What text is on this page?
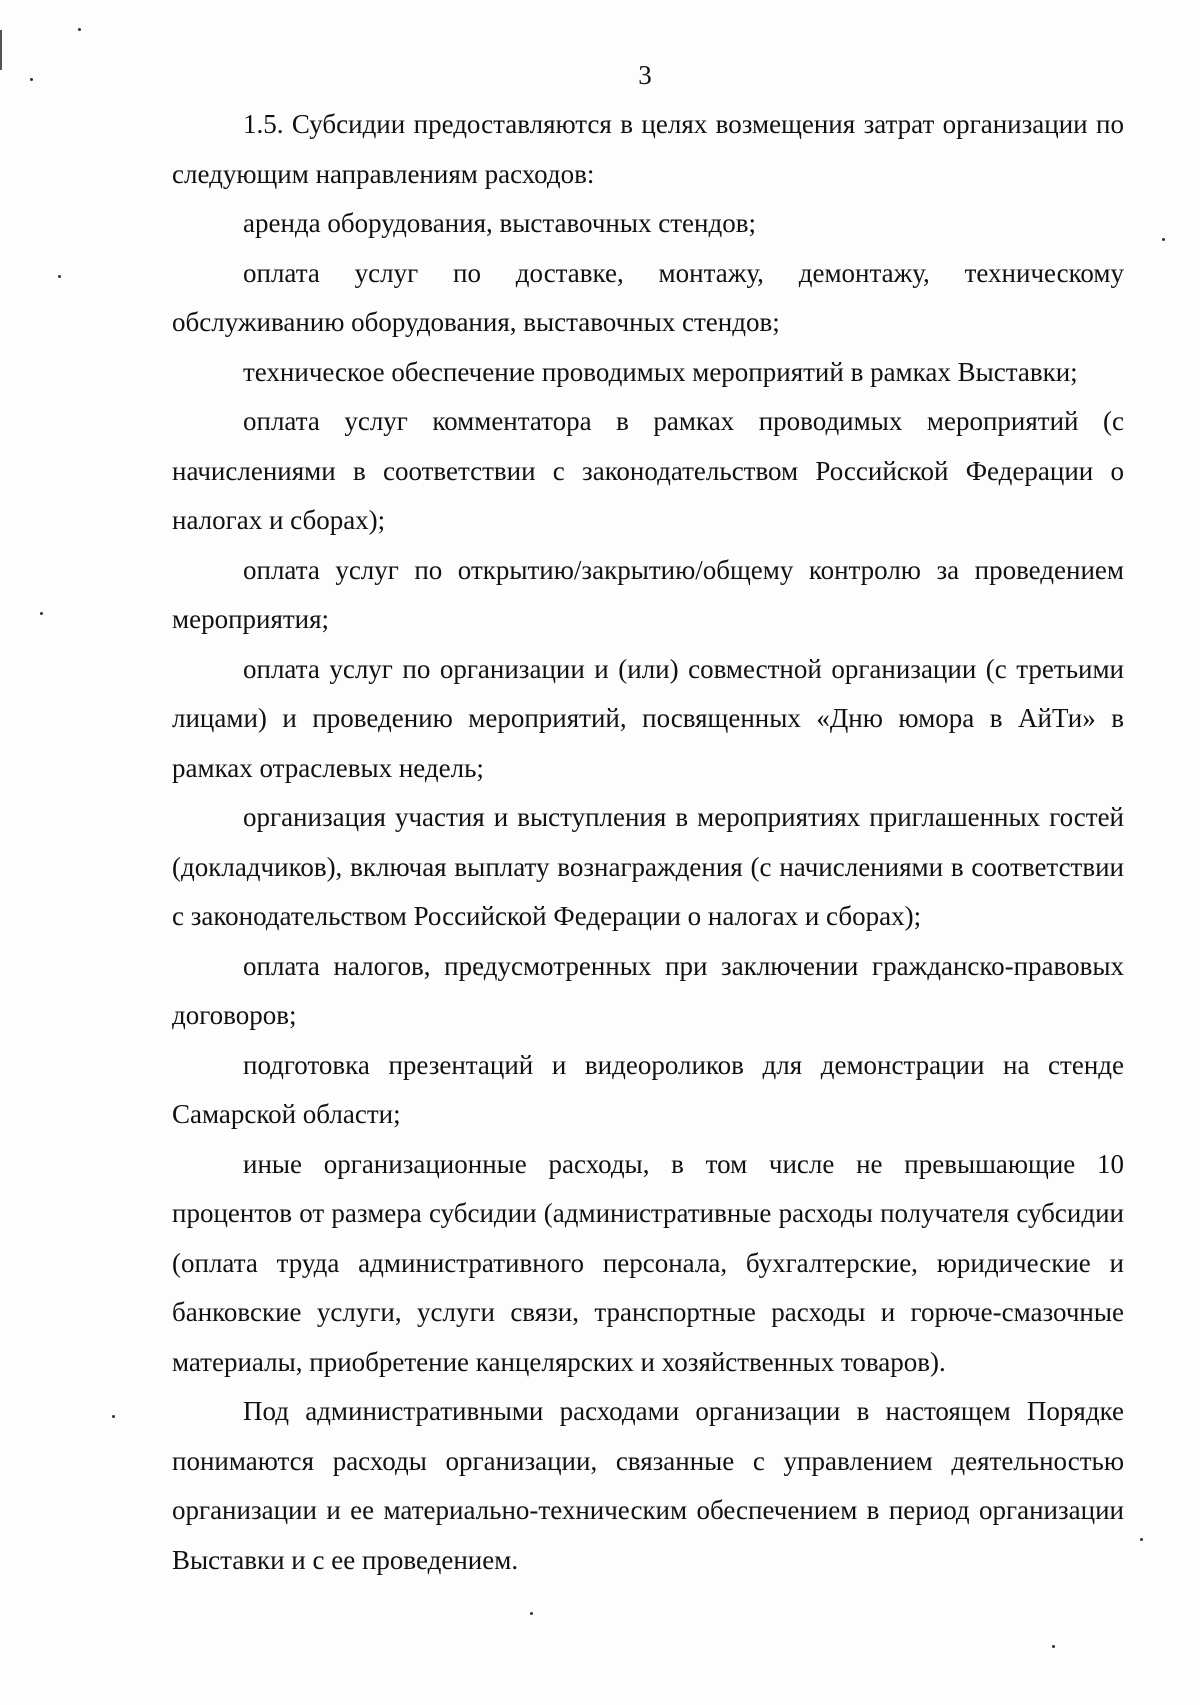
3

1.5. Субсидии предоставляются в целях возмещения затрат организации по следующим направлениям расходов:

аренда оборудования, выставочных стендов;

оплата услуг по доставке, монтажу, демонтажу, техническому обслуживанию оборудования, выставочных стендов;

техническое обеспечение проводимых мероприятий в рамках Выставки;

оплата услуг комментатора в рамках проводимых мероприятий (с начислениями в соответствии с законодательством Российской Федерации о налогах и сборах);

оплата услуг по открытию/закрытию/общему контролю за проведением мероприятия;

оплата услуг по организации и (или) совместной организации (с третьими лицами) и проведению мероприятий, посвященных «Дню юмора в АйТи» в рамках отраслевых недель;

организация участия и выступления в мероприятиях приглашенных гостей (докладчиков), включая выплату вознаграждения (с начислениями в соответствии с законодательством Российской Федерации о налогах и сборах);

оплата налогов, предусмотренных при заключении гражданско-правовых договоров;

подготовка презентаций и видеороликов для демонстрации на стенде Самарской области;

иные организационные расходы, в том числе не превышающие 10 процентов от размера субсидии (административные расходы получателя субсидии (оплата труда административного персонала, бухгалтерские, юридические и банковские услуги, услуги связи, транспортные расходы и горюче-смазочные материалы, приобретение канцелярских и хозяйственных товаров).

Под административными расходами организации в настоящем Порядке понимаются расходы организации, связанные с управлением деятельностью организации и ее материально-техническим обеспечением в период организации Выставки и с ее проведением.
